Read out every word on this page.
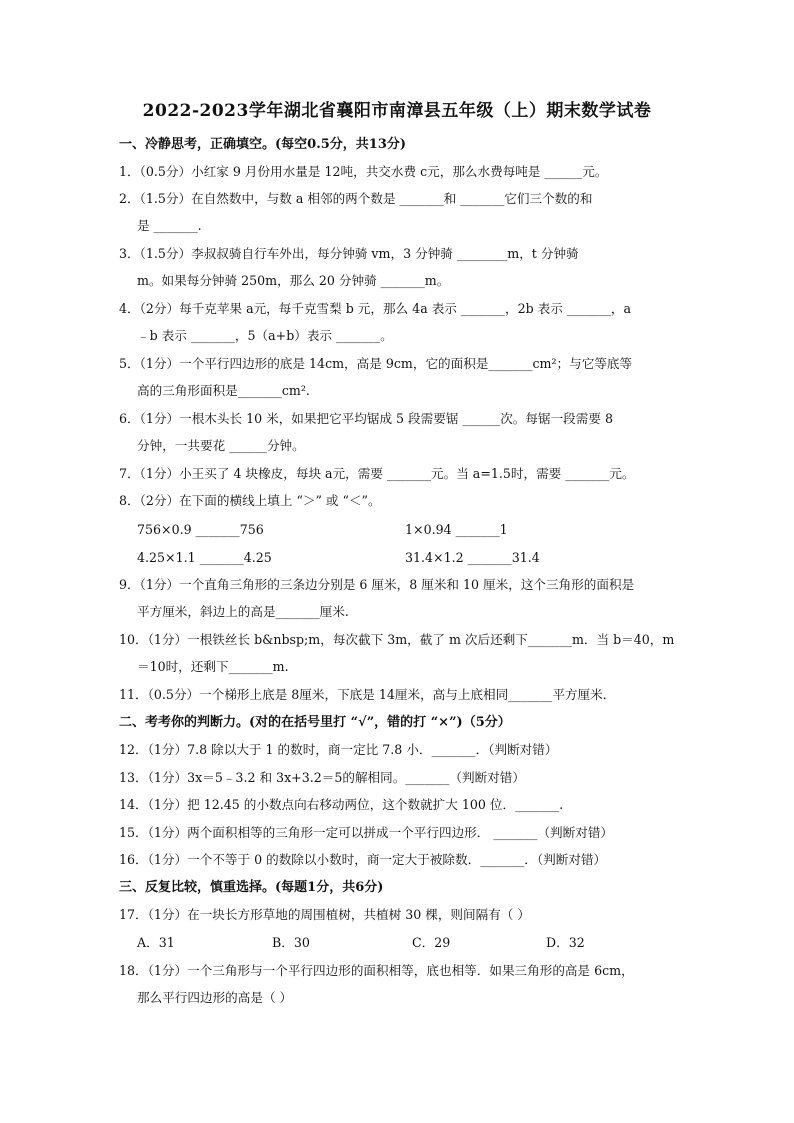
2022-2023学年湖北省襄阳市南漳县五年级（上）期末数学试卷
一、冷静思考，正确填空。(每空0.5分，共13分)
1．（0.5分）小红家 9 月份用水量是 12吨，共交水费 c元，那么水费每吨是 ______元。
2．（1.5分）在自然数中，与数 a 相邻的两个数是 _______和 _______它们三个数的和
是 _______.
3．（1.5分）李叔叔骑自行车外出，每分钟骑 vm，3 分钟骑 ________m，t 分钟骑
m。如果每分钟骑 250m，那么 20 分钟骑 _______m。
4．（2分）每千克苹果 a元，每千克雪梨 b 元，那么 4a 表示 _______，2b 表示 _______，a
﹣b 表示 _______，5（a+b）表示 _______。
5．（1分）一个平行四边形的底是 14cm，高是 9cm，它的面积是_______cm²；与它等底等
高的三角形面积是_______cm².
6．（1分）一根木头长 10 米，如果把它平均锯成 5 段需要锯 ______次。每锯一段需要 8
分钟，一共要花 ______分钟。
7．（1分）小王买了 4 块橡皮，每块 a元，需要 _______元。当 a=1.5时，需要 _______元。
8．（2分）在下面的横线上填上 “＞” 或 “＜”。
9．（1分）一个直角三角形的三条边分别是 6 厘米，8 厘米和 10 厘米，这个三角形的面积是
平方厘米，斜边上的高是_______厘米.
10．（1分）一根铁丝长 b&nbsp;m，每次截下 3m，截了 m 次后还剩下_______m．当 b＝40，m
＝10时，还剩下_______m.
11．（0.5分）一个梯形上底是 8厘米，下底是 14厘米，高与上底相同_______平方厘米．
二、考考你的判断力。(对的在括号里打 “√”，错的打 “×”)（5分）
12．（1分）7.8 除以大于 1 的数时，商一定比 7.8 小．_______．（判断对错）
13．（1分）3x＝5﹣3.2 和 3x+3.2＝5的解相同。_______（判断对错）
14．（1分）把 12.45 的小数点向右移动两位，这个数就扩大 100 位．_______.
15．（1分）两个面积相等的三角形一定可以拼成一个平行四边形． _______（判断对错）
16．（1分）一个不等于 0 的数除以小数时，商一定大于被除数．_______．（判断对错）
三、反复比较，慎重选择。(每题1分，共6分)
17．（1分）在一块长方形草地的周围植树，共植树 30 棵，则间隔有（ ）
18．（1分）一个三角形与一个平行四边形的面积相等，底也相等．如果三角形的高是 6cm，
那么平行四边形的高是（ ）
756×0.9 _______756	1×0.94 _______1
4.25×1.1 _______4.25	31.4×1.2 _______31.4
A．31	B．30	C．29	D．32
